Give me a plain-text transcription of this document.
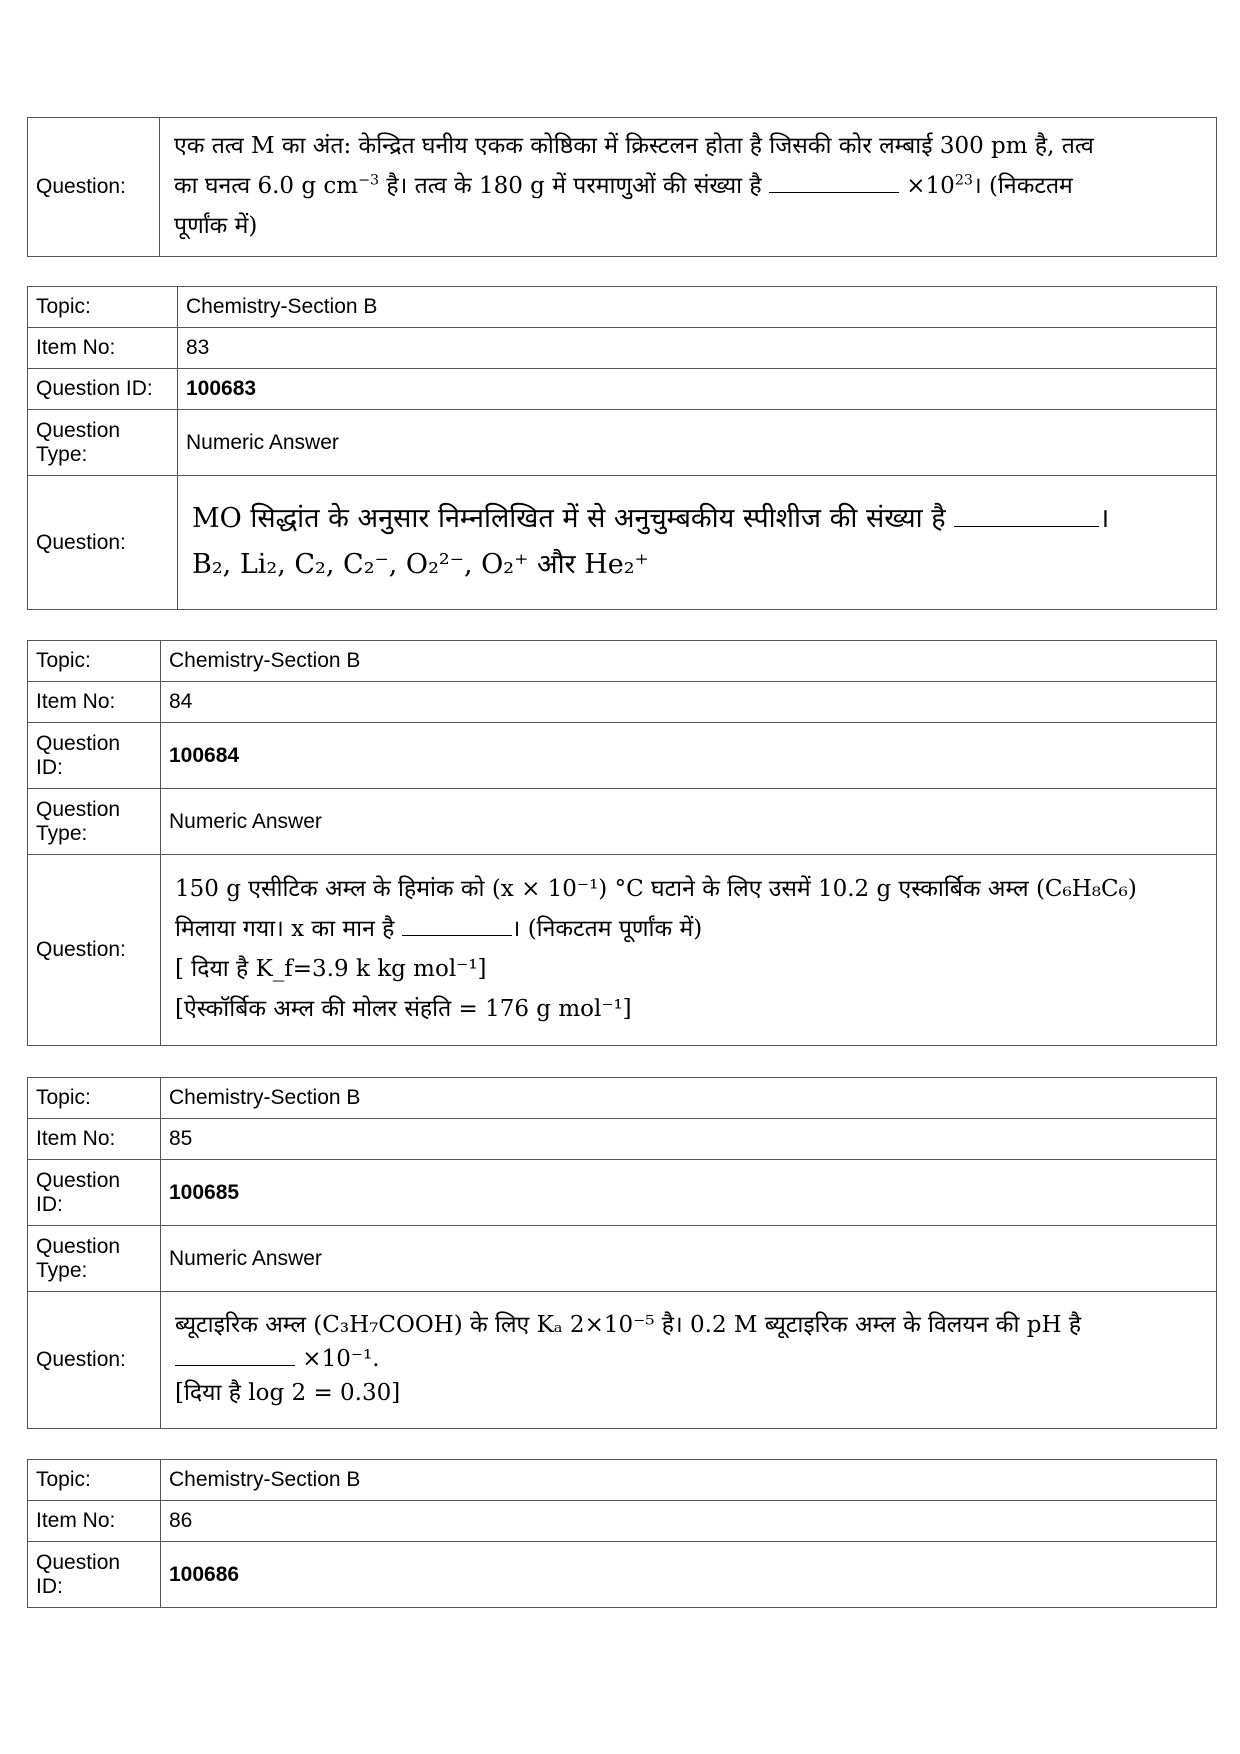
Question:	
एक तत्व M का अंत: केन्द्रित घनीय एकक कोष्ठिका में क्रिस्टलन होता है जिसकी कोर लम्बाई 300 pm है, तत्व
का घनत्व 6.0 g $cm^{-3}$ है। तत्व के 180 g में परमाणुओं की संख्या है	$\times 10^{23}।$ (निकटतम
पूर्णांक में)
Topic:	Chemistry-Section B
Item No:	83
Question ID:	100683
Question Type:	Numeric Answer
Question:	MO सिद्धांत के अनुसार निम्नलिखित में से अनुचुम्बकीय स्पीशीज की संख्या है ।
B₂, Li₂, C₂, C₂⁻, O₂²⁻, O₂⁺ और He₂⁺
Topic:	Chemistry-Section B
Item No:	84
Question ID:	100684
Question Type:	Numeric Answer
Question:	150 g एसीटिक अम्ल के हिमांक को (x × 10⁻¹) °C घटाने के लिए उसमें 10.2 g एस्कार्बिक अम्ल (C₆H₈C₆)
मिलाया गया। x का मान है । (निकटतम पूर्णांक में)
[ दिया है K_f=3.9 k kg mol⁻¹]
[ऐस्कॉर्बिक अम्ल की मोलर संहति = 176 g mol⁻¹]
Topic:	Chemistry-Section B
Item No:	85
Question ID:	100685
Question Type:	Numeric Answer
Question:	ब्यूटाइरिक अम्ल (C₃H₇COOH) के लिए Kₐ 2×10⁻⁵ है। 0.2 M ब्यूटाइरिक अम्ल के विलयन की pH है
×10⁻¹.
[दिया है log 2 = 0.30]
Topic:	Chemistry-Section B
Item No:	86
Question ID:	100686
